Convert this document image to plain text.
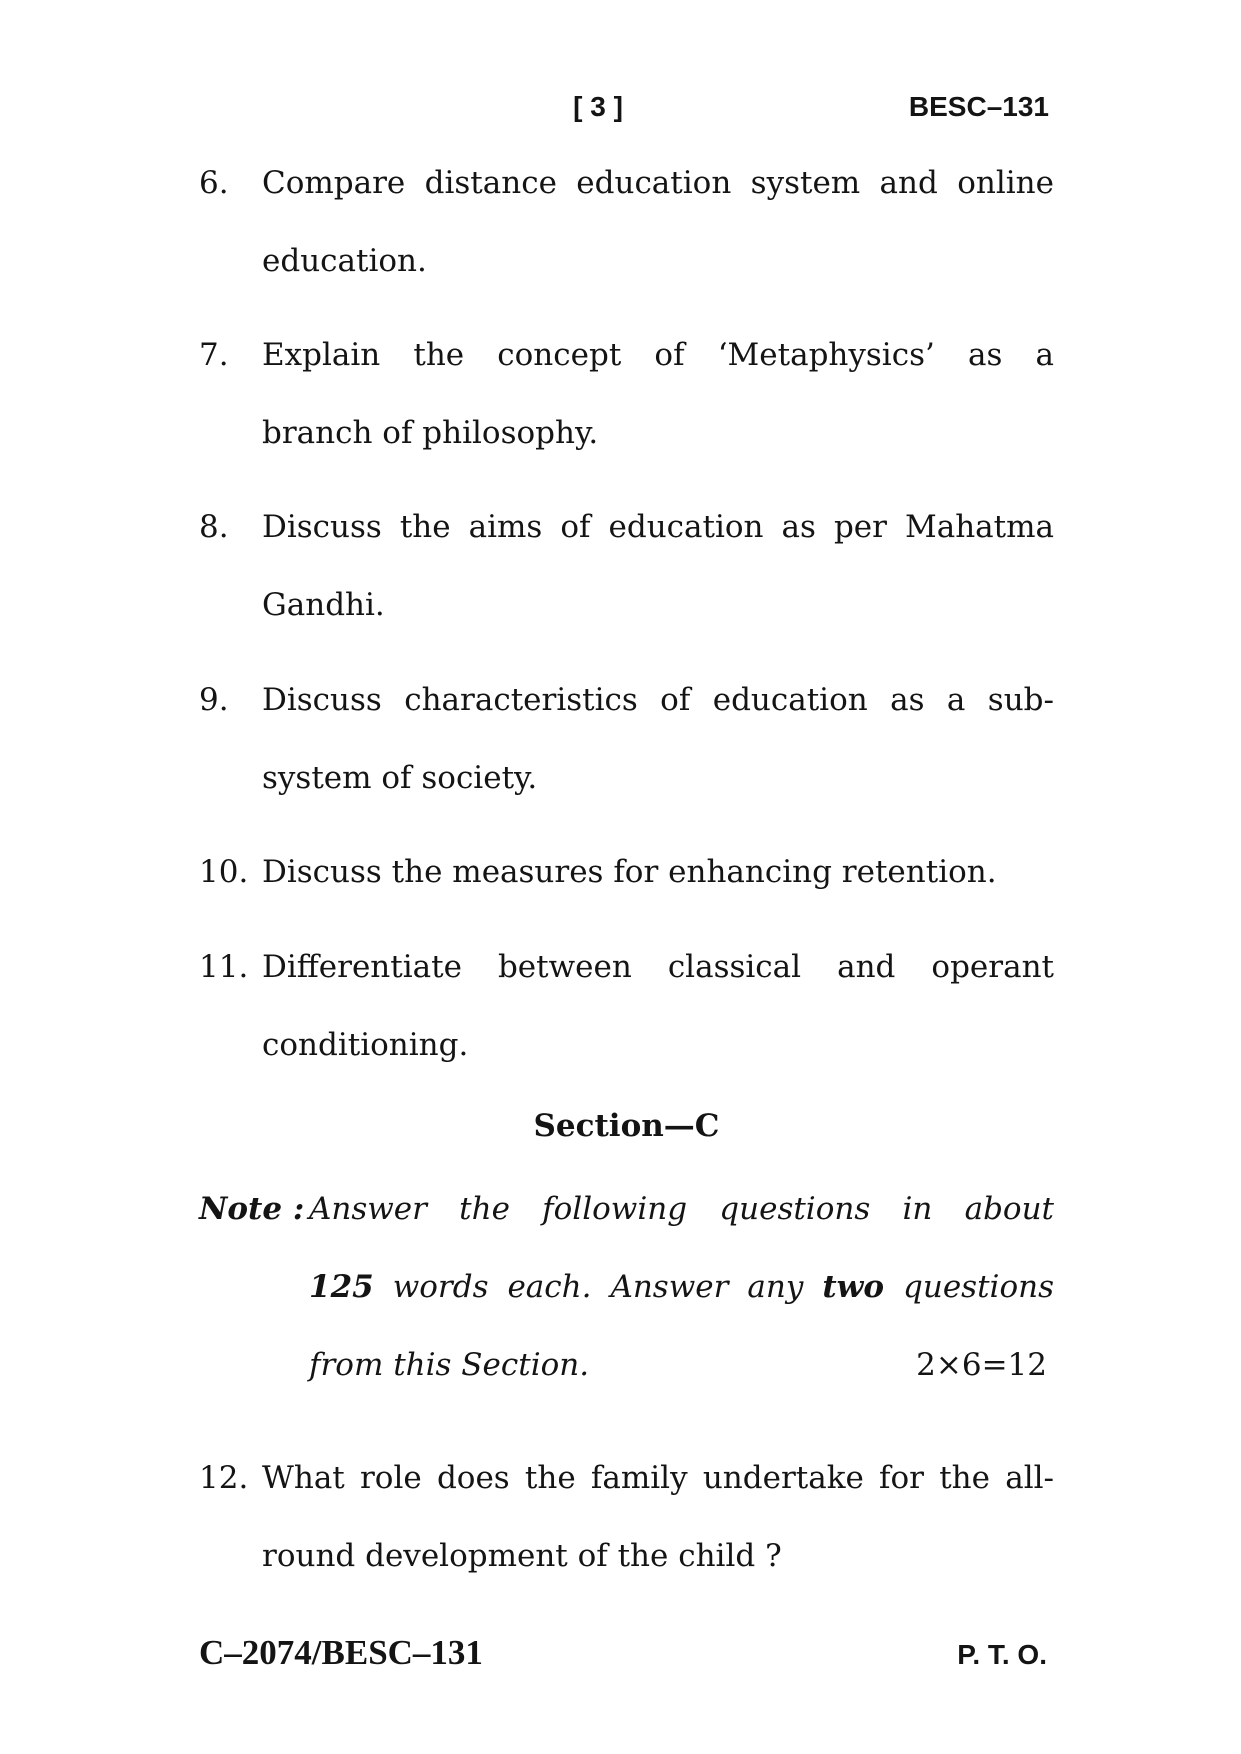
[ 3 ]	BESC–131
6. Compare distance education system and online
education.
7. Explain the concept of ‘Metaphysics’ as a
branch of philosophy.
8. Discuss the aims of education as per Mahatma
Gandhi.
9. Discuss characteristics of education as a sub-
system of society.
10. Discuss the measures for enhancing retention.
11. Differentiate between classical and operant
conditioning.
Section—C
Note : Answer the following questions in about
125 words each. Answer any two questions
from this Section.	2×6=12
12. What role does the family undertake for the all-
round development of the child ?
C–2074/BESC–131	P. T. O.
